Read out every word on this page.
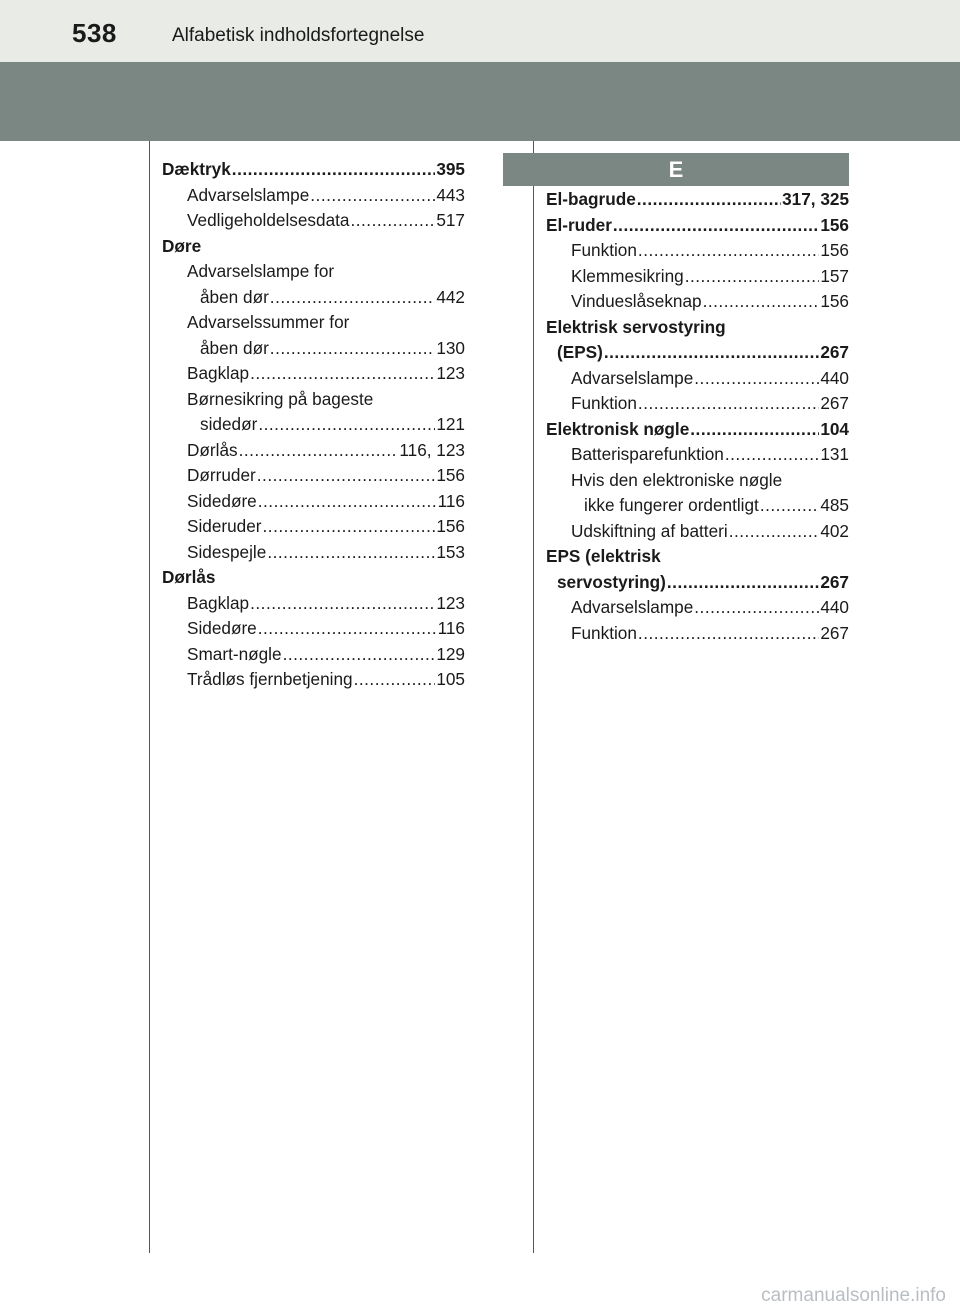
538	Alfabetisk indholdsfortegnelse
E
Dæktryk .....	395
Advarselslampe .....	443
Vedligeholdelsesdata .....	517
Døre
Advarselslampe for
åben dør .....	442
Advarselssummer for
åben dør .....	130
Bagklap .....	123
Børnesikring på bageste
sidedør .....	121
Dørlås .....	116, 123
Dørruder .....	156
Sidedøre .....	116
Sideruder .....	156
Sidespejle .....	153
Dørlås
Bagklap .....	123
Sidedøre .....	116
Smart-nøgle .....	129
Trådløs fjernbetjening .....	105
El-bagrude .....	317, 325
El-ruder .....	156
Funktion .....	156
Klemmesikring .....	157
Vindueslåseknap .....	156
Elektrisk servostyring
(EPS) .....	267
Advarselslampe .....	440
Funktion .....	267
Elektronisk nøgle .....	104
Batterisparefunktion .....	131
Hvis den elektroniske nøgle
ikke fungerer ordentligt .....	485
Udskiftning af batteri .....	402
EPS (elektrisk
servostyring) .....	267
Advarselslampe .....	440
Funktion .....	267
carmanualsonline.info
